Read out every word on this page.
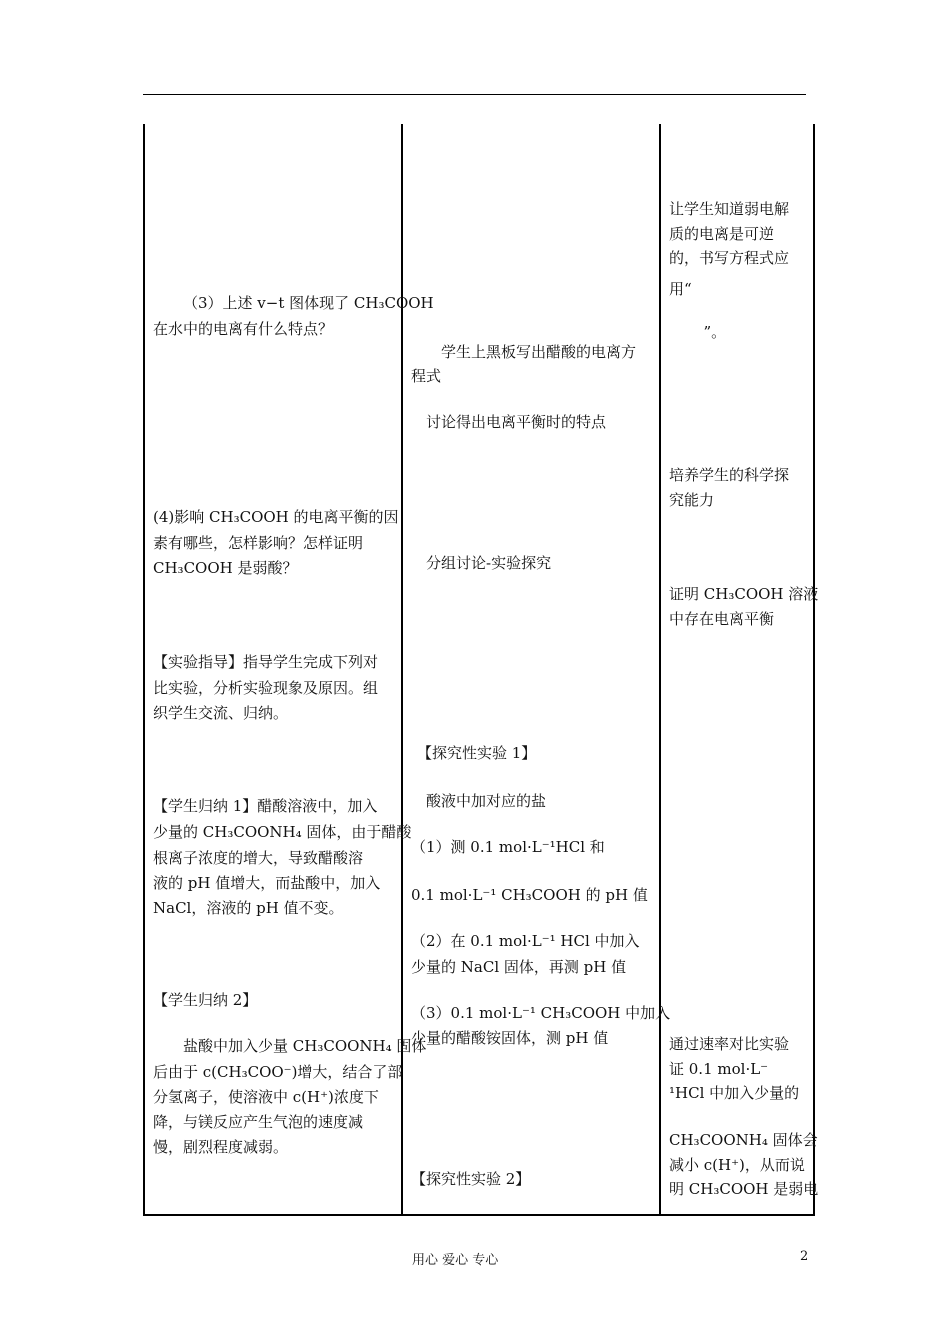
（3）上述 v−t 图体现了 CH₃COOH
在水中的电离有什么特点？
(4)影响 CH₃COOH 的电离平衡的因
素有哪些，怎样影响？怎样证明
CH₃COOH 是弱酸？
【实验指导】指导学生完成下列对
比实验，分析实验现象及原因。组
织学生交流、归纳。
【学生归纳 1】醋酸溶液中，加入
少量的 CH₃COONH₄ 固体，由于醋酸
根离子浓度的增大，导致醋酸溶
液的 pH 值增大，而盐酸中，加入
NaCl，溶液的 pH 值不变。
【学生归纳 2】
盐酸中加入少量 CH₃COONH₄ 固体
后由于 c(CH₃COO⁻)增大，结合了部
分氢离子，使溶液中 c(H⁺)浓度下
降，与镁反应产生气泡的速度减
慢，剧烈程度减弱。
学生上黑板写出醋酸的电离方
程式
讨论得出电离平衡时的特点
分组讨论-实验探究
【探究性实验 1】
酸液中加对应的盐
（1）测 0.1 mol·L⁻¹HCl 和
0.1 mol·L⁻¹ CH₃COOH 的 pH 值
（2）在 0.1 mol·L⁻¹ HCl 中加入
少量的 NaCl 固体，再测 pH 值
（3）0.1 mol·L⁻¹ CH₃COOH 中加入
少量的醋酸铵固体，测 pH 值
【探究性实验 2】
让学生知道弱电解
质的电离是可逆
的，书写方程式应
用“
”。
培养学生的科学探
究能力
证明 CH₃COOH 溶液
中存在电离平衡
通过速率对比实验
证 0.1 mol·L⁻
¹HCl 中加入少量的
CH₃COONH₄ 固体会
减小 c(H⁺)，从而说
明 CH₃COOH 是弱电
用心 爱心 专心	2
